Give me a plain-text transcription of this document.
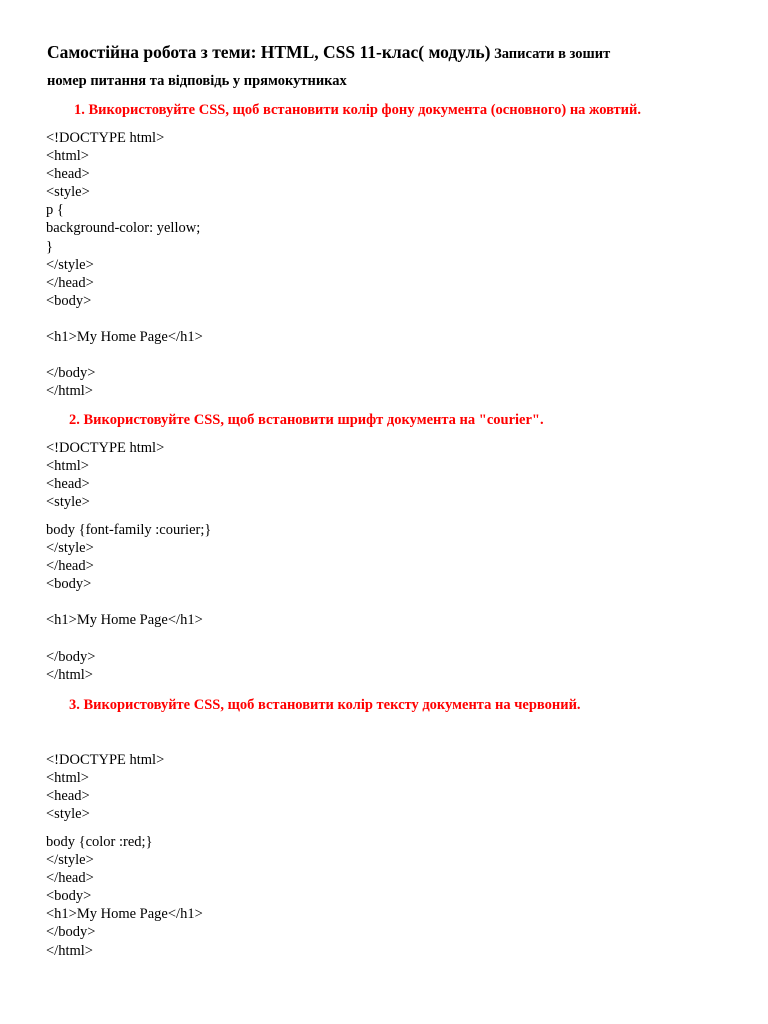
Самостійна робота з теми: HTML, CSS 11-клас( модуль) Записати в зошит
номер питання та відповідь у прямокутниках
1. Використовуйте CSS, щоб встановити колір фону документа (основного) на жовтий.
<!DOCTYPE html>
<html>
<head>
<style>
p {
background-color: yellow;
}
</style>
</head>
<body>
<h1>My Home Page</h1>
</body>
</html>
2. Використовуйте CSS, щоб встановити шрифт документа на "courier".
<!DOCTYPE html>
<html>
<head>
<style>
body {font-family :courier;}
</style>
</head>
<body>
<h1>My Home Page</h1>
</body>
</html>
3. Використовуйте CSS, щоб встановити колір тексту документа на червоний.
<!DOCTYPE html>
<html>
<head>
<style>
body {color :red;}
</style>
</head>
<body>
<h1>My Home Page</h1>
</body>
</html>
